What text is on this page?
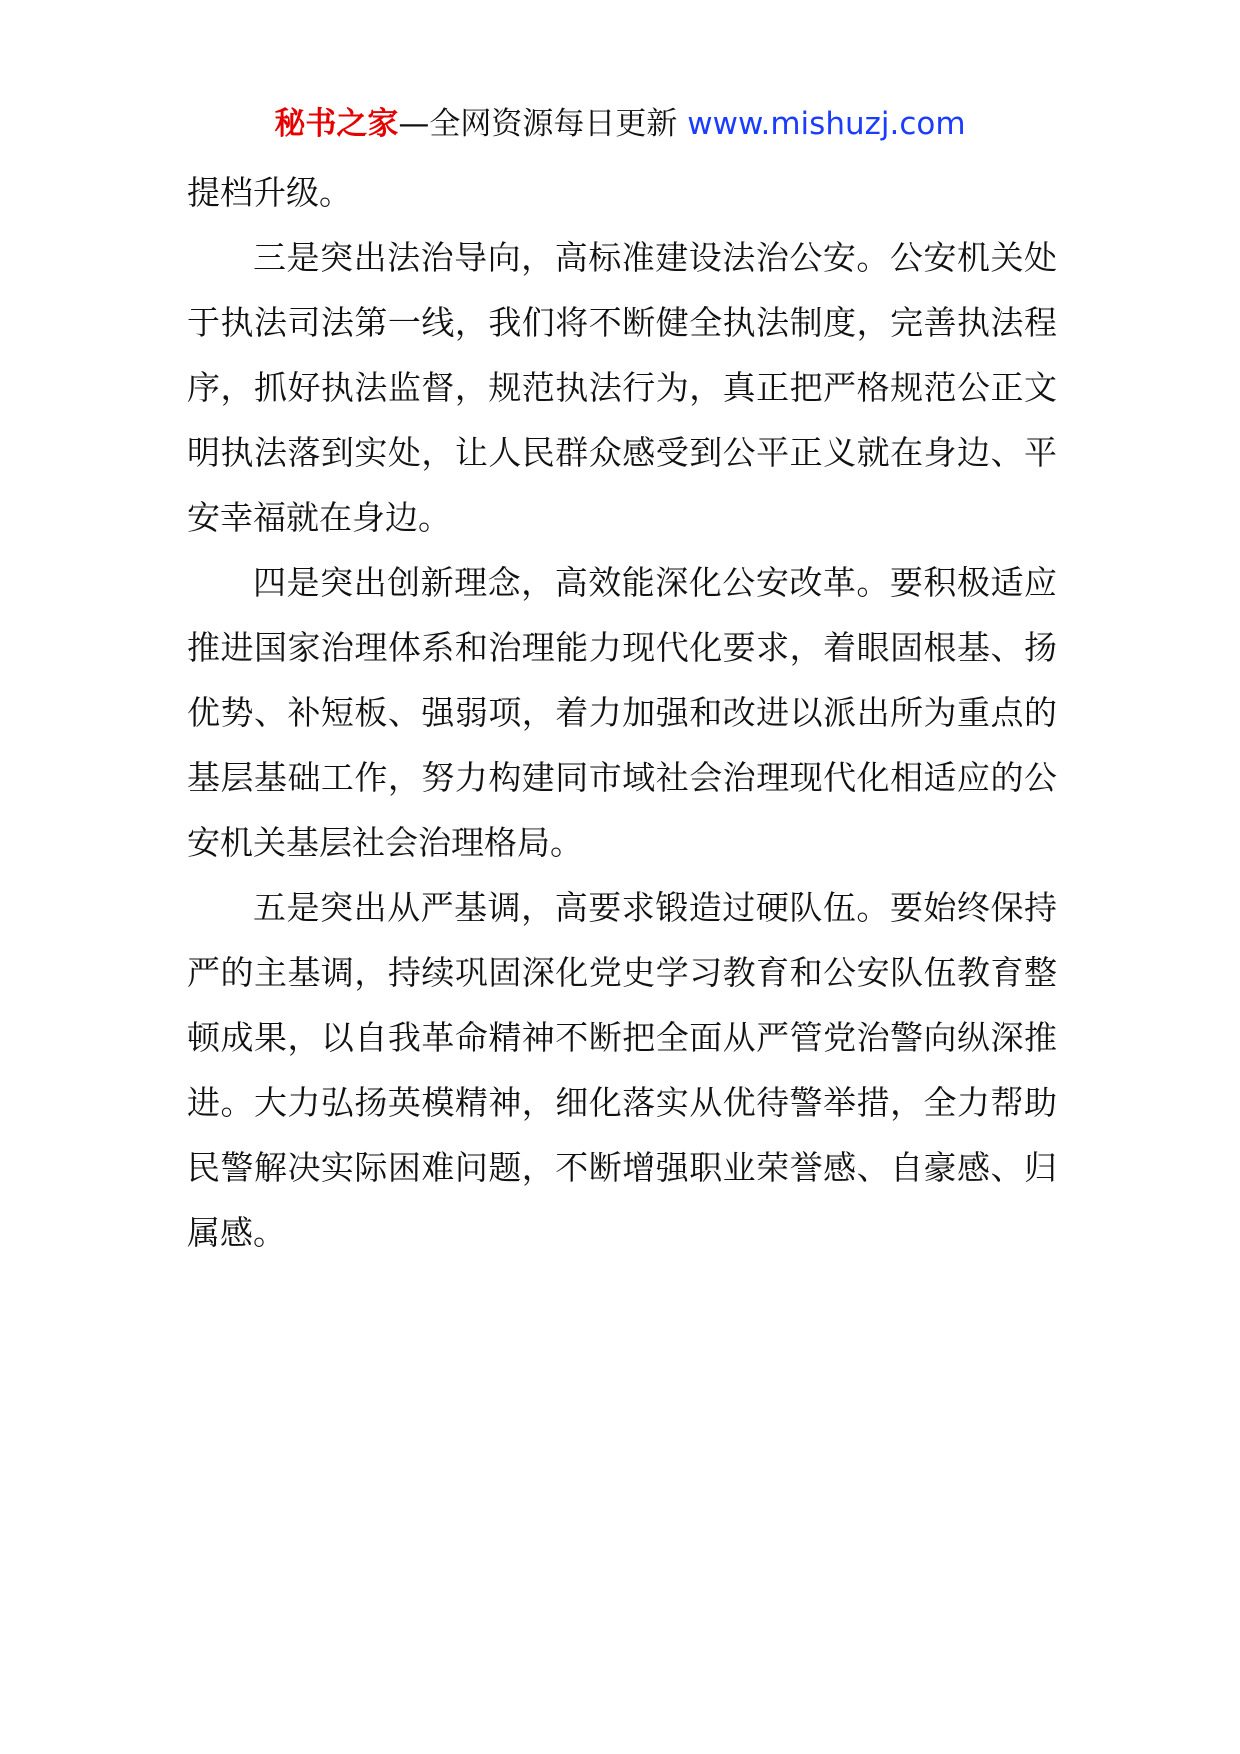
秘书之家—全网资源每日更新 www.mishuzj.com

提档升级。

三是突出法治导向，高标准建设法治公安。公安机关处于执法司法第一线，我们将不断健全执法制度，完善执法程序，抓好执法监督，规范执法行为，真正把严格规范公正文明执法落到实处，让人民群众感受到公平正义就在身边、平安幸福就在身边。

四是突出创新理念，高效能深化公安改革。要积极适应推进国家治理体系和治理能力现代化要求，着眼固根基、扬优势、补短板、强弱项，着力加强和改进以派出所为重点的基层基础工作，努力构建同市域社会治理现代化相适应的公安机关基层社会治理格局。

五是突出从严基调，高要求锻造过硬队伍。要始终保持严的主基调，持续巩固深化党史学习教育和公安队伍教育整顿成果，以自我革命精神不断把全面从严管党治警向纵深推进。大力弘扬英模精神，细化落实从优待警举措，全力帮助民警解决实际困难问题，不断增强职业荣誉感、自豪感、归属感。
